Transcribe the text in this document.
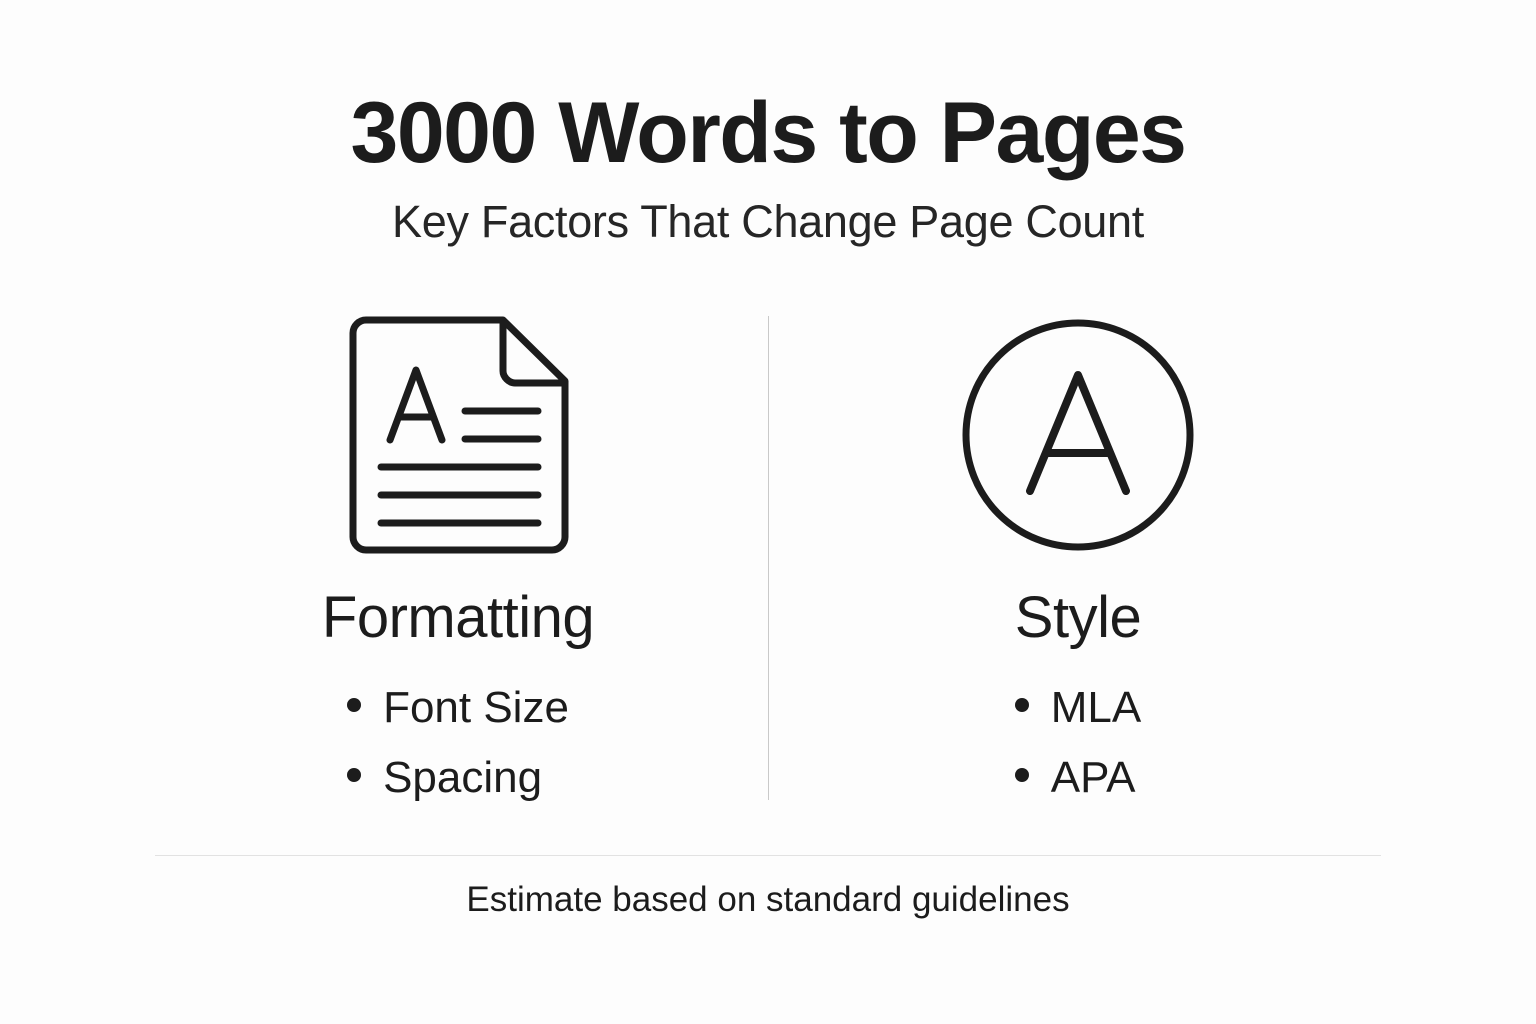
3000 Words to Pages
Key Factors That Change Page Count
Formatting
Font Size
Spacing
Style
MLA
APA
Estimate based on standard guidelines
